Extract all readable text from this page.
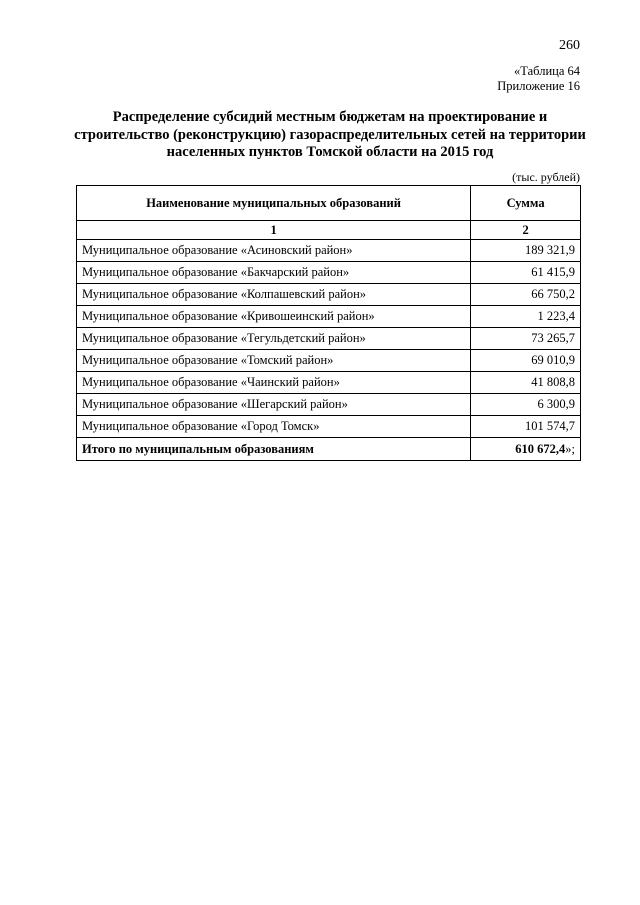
260
«Таблица 64
Приложение 16
Распределение субсидий местным бюджетам на проектирование и
строительство (реконструкцию) газораспределительных сетей на территории
населенных пунктов Томской области на 2015 год
(тыс. рублей)
Наименование муниципальных образований	Сумма
1	2
Муниципальное образование «Асиновский район»	189 321,9
Муниципальное образование «Бакчарский район»	61 415,9
Муниципальное образование «Колпашевский район»	66 750,2
Муниципальное образование «Кривошеинский район»	1 223,4
Муниципальное образование «Тегульдетский район»	73 265,7
Муниципальное образование «Томский район»	69 010,9
Муниципальное образование «Чаинский район»	41 808,8
Муниципальное образование «Шегарский район»	6 300,9
Муниципальное образование «Город Томск»	101 574,7
Итого по муниципальным образованиям	610 672,4»;
